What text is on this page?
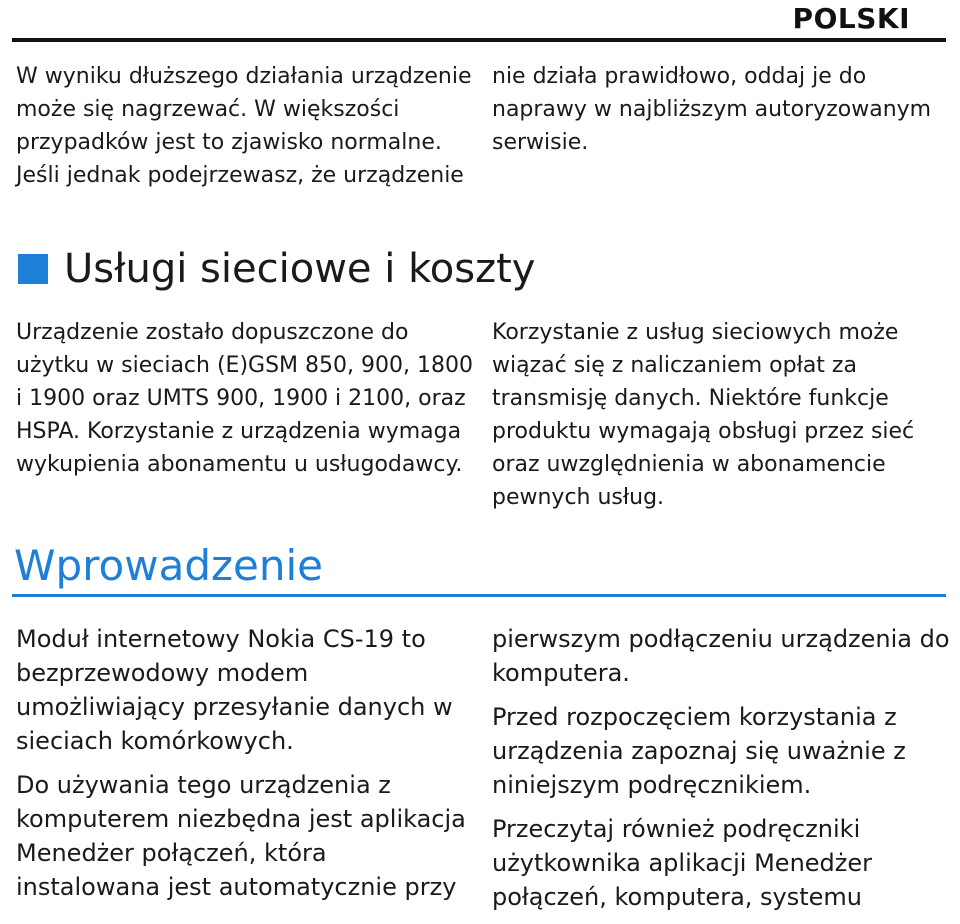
POLSKI

W wyniku dłuższego działania urządzenie może się nagrzewać. W większości przypadków jest to zjawisko normalne. Jeśli jednak podejrzewasz, że urządzenie

nie działa prawidłowo, oddaj je do naprawy w najbliższym autoryzowanym serwisie.

Usługi sieciowe i koszty

Urządzenie zostało dopuszczone do użytku w sieciach (E)GSM 850, 900, 1800 i 1900 oraz UMTS 900, 1900 i 2100, oraz HSPA. Korzystanie z urządzenia wymaga wykupienia abonamentu u usługodawcy.

Korzystanie z usług sieciowych może wiązać się z naliczaniem opłat za transmisję danych. Niektóre funkcje produktu wymagają obsługi przez sieć oraz uwzględnienia w abonamencie pewnych usług.

Wprowadzenie

Moduł internetowy Nokia CS-19 to bezprzewodowy modem umożliwiający przesyłanie danych w sieciach komórkowych.

Do używania tego urządzenia z komputerem niezbędna jest aplikacja Menedżer połączeń, która instalowana jest automatycznie przy

pierwszym podłączeniu urządzenia do komputera.

Przed rozpoczęciem korzystania z urządzenia zapoznaj się uważnie z niniejszym podręcznikiem.

Przeczytaj również podręczniki użytkownika aplikacji Menedżer połączeń, komputera, systemu
